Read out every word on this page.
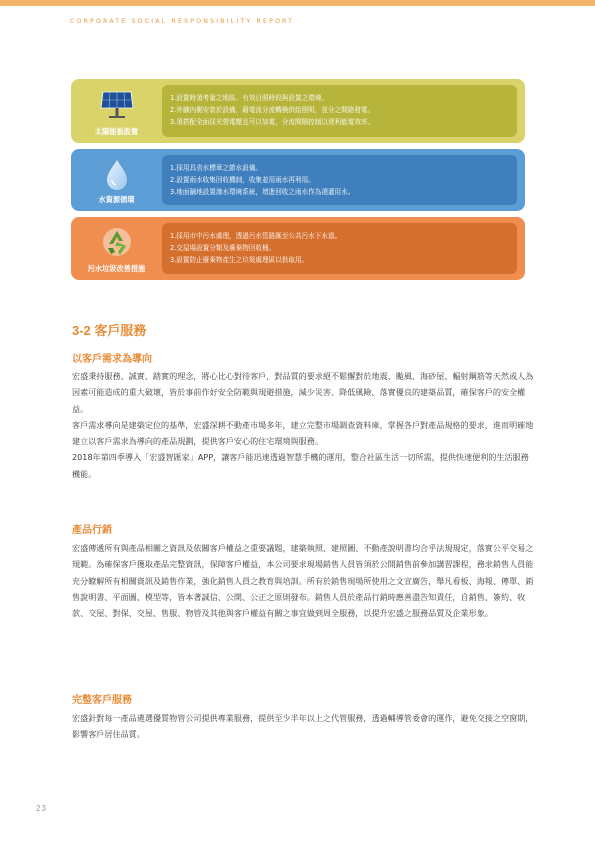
CORPORATE SOCIAL RESPONSIBILITY REPORT
太陽能板設置
1.設置時須考量之地區、有效日照時段與設置之環境。
2.外牆內側安裝於設備，藉電流分流轉換供給照明，並分之間路發電。
3.須搭配全面採光營電壓且可以加電，分流間隔控制以達利能電效率。
水資源循環
1.採用具省水標章之節水設備。
2.設置雨水收集回收機制，收集並用雨水再利用。
3.地面舖地設置滲水環境系統，增進回收之雨水作為澆灌用水。
污水垃圾改善措施
1.採用市中污水處理，透過污水管路匯至公共污水下水道。
2.交屋場設置分類及廢棄物回收桶。
3.設置防止廢棄物產生之垃圾處理區以供取用。
3-2 客戶服務
以客戶需求為導向

宏盛秉持服務、誠實、踏實的理念，將心比心對待客戶，對品質的要求絕不鬆懈對於地震、颱風、海砂屋、輻射鋼筋等天然或人為因素可能造成的重大破壞，皆於事前作好安全防範與規避措施，減少災害、降低風險，落實優良的建築品質，確保客戶的安全權益。

客戶需求導向是建築定位的基準，宏盛深耕不動產市場多年，建立完整市場調查資料庫，掌握各戶對產品規格的要求，進而明確地建立以客戶需求為導向的產品規劃，提供客戶安心的住宅環境與服務。

2018年第四季導入「宏盛智匯家」APP，讓客戶能迅速透過智慧手機的運用，整合社區生活一切所需，提供快速便利的生活服務機能。

產品行銷

宏盛傳遞所有與產品相關之資訊及依關客戶權益之重要議題，建築執照、建照圖、不動產說明書均合乎法規規定，落實公平交易之規範。為確保客戶獲取產品完整資訊，保障客戶權益，本公司要求現場銷售人員皆須於公開銷售前參加講習課程，務求銷售人員能充分瞭解所有相關資訊及銷售作業，強化銷售人員之教育與培訓。所有於銷售現場所使用之文宣廣告，舉凡看板、海報、傳單、銷售說明書、平面圖、模型等，皆本著誠信、公開、公正之原則發布。銷售人員於產品行銷時應善盡告知責任，自銷售、簽約、收款、交屋、對保、交屋、售服、物管及其他與客戶權益有關之事宜做到周全服務，以提升宏盛之服務品質及企業形象。

完整客戶服務

宏盛針對每一產品遴選優質物管公司提供專業服務，提供至少半年以上之代管服務，透過輔導管委會的運作，避免交接之空窗期，影響客戶居住品質。

23
